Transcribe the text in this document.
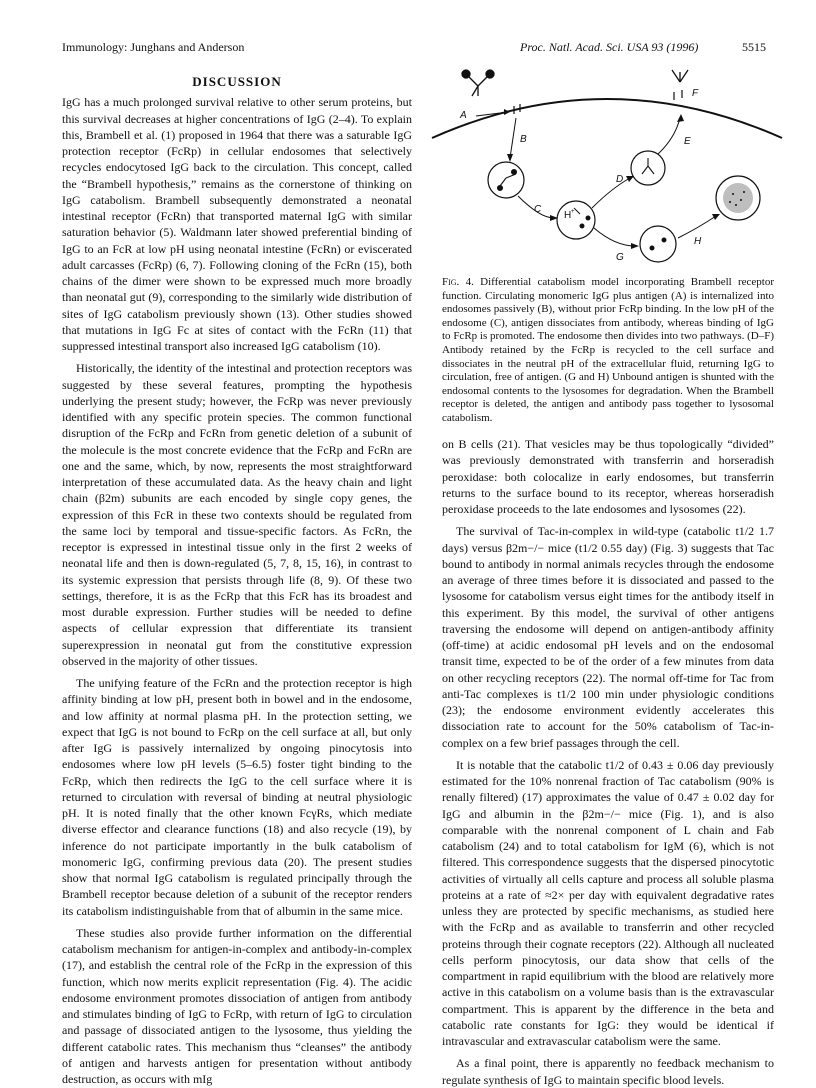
Immunology: Junghans and Anderson	Proc. Natl. Acad. Sci. USA 93 (1996)	5515
DISCUSSION

IgG has a much prolonged survival relative to other serum proteins, but this survival decreases at higher concentrations of IgG (2–4). To explain this, Brambell et al. (1) proposed in 1964 that there was a saturable IgG protection receptor (FcRp) in cellular endosomes that selectively recycles endocytosed IgG back to the circulation. This concept, called the “Brambell hypothesis,” remains as the cornerstone of thinking on IgG catabolism. Brambell subsequently demonstrated a neonatal intestinal receptor (FcRn) that transported maternal IgG with similar saturation behavior (5). Waldmann later showed preferential binding of IgG to an FcR at low pH using neonatal intestine (FcRn) or eviscerated adult carcasses (FcRp) (6, 7). Following cloning of the FcRn (15), both chains of the dimer were shown to be expressed much more broadly than neonatal gut (9), corresponding to the similarly wide distribution of sites of IgG catabolism previously shown (13). Other studies showed that mutations in IgG Fc at sites of contact with the FcRn (11) that suppressed intestinal transport also increased IgG catabolism (10).

Historically, the identity of the intestinal and protection receptors was suggested by these several features, prompting the hypothesis underlying the present study; however, the FcRp was never previously identified with any specific protein species. The common functional disruption of the FcRp and FcRn from genetic deletion of a subunit of the molecule is the most concrete evidence that the FcRp and FcRn are one and the same, which, by now, represents the most straightforward interpretation of these accumulated data. As the heavy chain and light chain (β2m) subunits are each encoded by single copy genes, the expression of this FcR in these two contexts should be regulated from the same loci by temporal and tissue-specific factors. As FcRn, the receptor is expressed in intestinal tissue only in the first 2 weeks of neonatal life and then is down-regulated (5, 7, 8, 15, 16), in contrast to its systemic expression that persists through life (8, 9). Of these two settings, therefore, it is as the FcRp that this FcR has its broadest and most durable expression. Further studies will be needed to define aspects of cellular expression that differentiate its transient superexpression in neonatal gut from the constitutive expression observed in the majority of other tissues.

The unifying feature of the FcRn and the protection receptor is high affinity binding at low pH, present both in bowel and in the endosome, and low affinity at normal plasma pH. In the protection setting, we expect that IgG is not bound to FcRp on the cell surface at all, but only after IgG is passively internalized by ongoing pinocytosis into endosomes where low pH levels (5–6.5) foster tight binding to the FcRp, which then redirects the IgG to the cell surface where it is returned to circulation with reversal of binding at neutral physiologic pH. It is noted finally that the other known FcγRs, which mediate diverse effector and clearance functions (18) and also recycle (19), by inference do not participate importantly in the bulk catabolism of monomeric IgG, confirming previous data (20). The present studies show that normal IgG catabolism is regulated principally through the Brambell receptor because deletion of a subunit of the receptor renders its catabolism indistinguishable from that of albumin in the same mice.

These studies also provide further information on the differential catabolism mechanism for antigen-in-complex and antibody-in-complex (17), and establish the central role of the FcRp in the expression of this function, which now merits explicit representation (Fig. 4). The acidic endosome environment promotes dissociation of antigen from antibody and stimulates binding of IgG to FcRp, with return of IgG to circulation and passage of dissociated antigen to the lysosome, thus yielding the different catabolic rates. This mechanism thus “cleanses” the antibody of antigen and harvests antigen for presentation without antibody destruction, as occurs with mIg

H +
A
B
C
D
E
F
G
H
Fig. 4. Differential catabolism model incorporating Brambell receptor function. Circulating monomeric IgG plus antigen (A) is internalized into endosomes passively (B), without prior FcRp binding. In the low pH of the endosome (C), antigen dissociates from antibody, whereas binding of IgG to FcRp is promoted. The endosome then divides into two pathways. (D–F) Antibody retained by the FcRp is recycled to the cell surface and dissociates in the neutral pH of the extracellular fluid, returning IgG to circulation, free of antigen. (G and H) Unbound antigen is shunted with the endosomal contents to the lysosomes for degradation. When the Brambell receptor is deleted, the antigen and antibody pass together to lysosomal catabolism.

on B cells (21). That vesicles may be thus topologically “divided” was previously demonstrated with transferrin and horseradish peroxidase: both colocalize in early endosomes, but transferrin returns to the surface bound to its receptor, whereas horseradish peroxidase proceeds to the late endosomes and lysosomes (22).

The survival of Tac-in-complex in wild-type (catabolic t1/2 1.7 days) versus β2m−/− mice (t1/2 0.55 day) (Fig. 3) suggests that Tac bound to antibody in normal animals recycles through the endosome an average of three times before it is dissociated and passed to the lysosome for catabolism versus eight times for the antibody itself in this experiment. By this model, the survival of other antigens traversing the endosome will depend on antigen-antibody affinity (off-time) at acidic endosomal pH levels and on the endosomal transit time, expected to be of the order of a few minutes from data on other recycling receptors (22). The normal off-time for Tac from anti-Tac complexes is t1/2 100 min under physiologic conditions (23); the endosome environment evidently accelerates this dissociation rate to account for the 50% catabolism of Tac-in-complex on a few brief passages through the cell.

It is notable that the catabolic t1/2 of 0.43 ± 0.06 day previously estimated for the 10% nonrenal fraction of Tac catabolism (90% is renally filtered) (17) approximates the value of 0.47 ± 0.02 day for IgG and albumin in the β2m−/− mice (Fig. 1), and is also comparable with the nonrenal component of L chain and Fab catabolism (24) and to total catabolism for IgM (6), which is not filtered. This correspondence suggests that the dispersed pinocytotic activities of virtually all cells capture and process all soluble plasma proteins at a rate of ≈2× per day with equivalent degradative rates unless they are protected by specific mechanisms, as studied here with the FcRp and as available to transferrin and other recycled proteins through their cognate receptors (22). Although all nucleated cells perform pinocytosis, our data show that cells of the compartment in rapid equilibrium with the blood are relatively more active in this catabolism on a volume basis than is the extravascular compartment. This is apparent by the difference in the beta and catabolic rate constants for IgG: they would be identical if intravascular and extravascular catabolism were the same.

As a final point, there is apparently no feedback mechanism to regulate synthesis of IgG to maintain specific blood levels.
